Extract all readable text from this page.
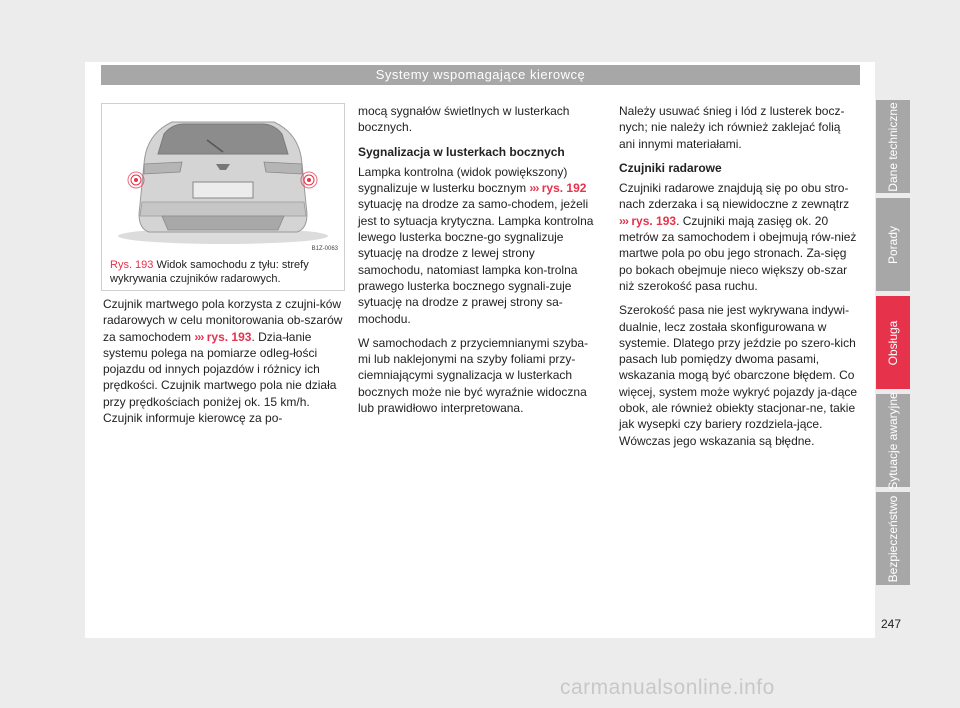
Systemy wspomagające kierowcę
B1Z-0063
Rys. 193 Widok samochodu z tyłu: strefy wykrywania czujników radarowych.

Czujnik martwego pola korzysta z czujni-ków radarowych w celu monitorowania ob-szarów za samochodem ››› rys. 193. Dzia-łanie systemu polega na pomiarze odleg-łości pojazdu od innych pojazdów i różnicy ich prędkości. Czujnik martwego pola nie działa przy prędkościach poniżej ok. 15 km/h. Czujnik informuje kierowcę za po-

mocą sygnałów świetlnych w lusterkach bocznych.

Sygnalizacja w lusterkach bocznych

Lampka kontrolna (widok powiększony) sygnalizuje w lusterku bocznym ››› rys. 192 sytuację na drodze za samo-chodem, jeżeli jest to sytuacja krytyczna. Lampka kontrolna lewego lusterka boczne-go sygnalizuje sytuację na drodze z lewej strony samochodu, natomiast lampka kon-trolna prawego lusterka bocznego sygnali-zuje sytuację na drodze z prawej strony sa-mochodu.

W samochodach z przyciemnianymi szyba-mi lub naklejonymi na szyby foliami przy-ciemniającymi sygnalizacja w lusterkach bocznych może nie być wyraźnie widoczna lub prawidłowo interpretowana.

Należy usuwać śnieg i lód z lusterek bocz-nych; nie należy ich również zaklejać folią ani innymi materiałami.

Czujniki radarowe

Czujniki radarowe znajdują się po obu stro-nach zderzaka i są niewidoczne z zewnątrz ››› rys. 193. Czujniki mają zasięg ok. 20 metrów za samochodem i obejmują rów-nież martwe pola po obu jego stronach. Za-sięg po bokach obejmuje nieco większy ob-szar niż szerokość pasa ruchu.

Szerokość pasa nie jest wykrywana indywi-dualnie, lecz została skonfigurowana w systemie. Dlatego przy jeździe po szero-kich pasach lub pomiędzy dwoma pasami, wskazania mogą być obarczone błędem. Co więcej, system może wykryć pojazdy ja-dące obok, ale również obiekty stacjonar-ne, takie jak wysepki czy bariery rozdziela-jące. Wówczas jego wskazania są błędne.

Dane techniczne
Porady
Obsługa
Sytuacje awaryjne
Bezpieczeństwo
247
carmanualsonline.info
